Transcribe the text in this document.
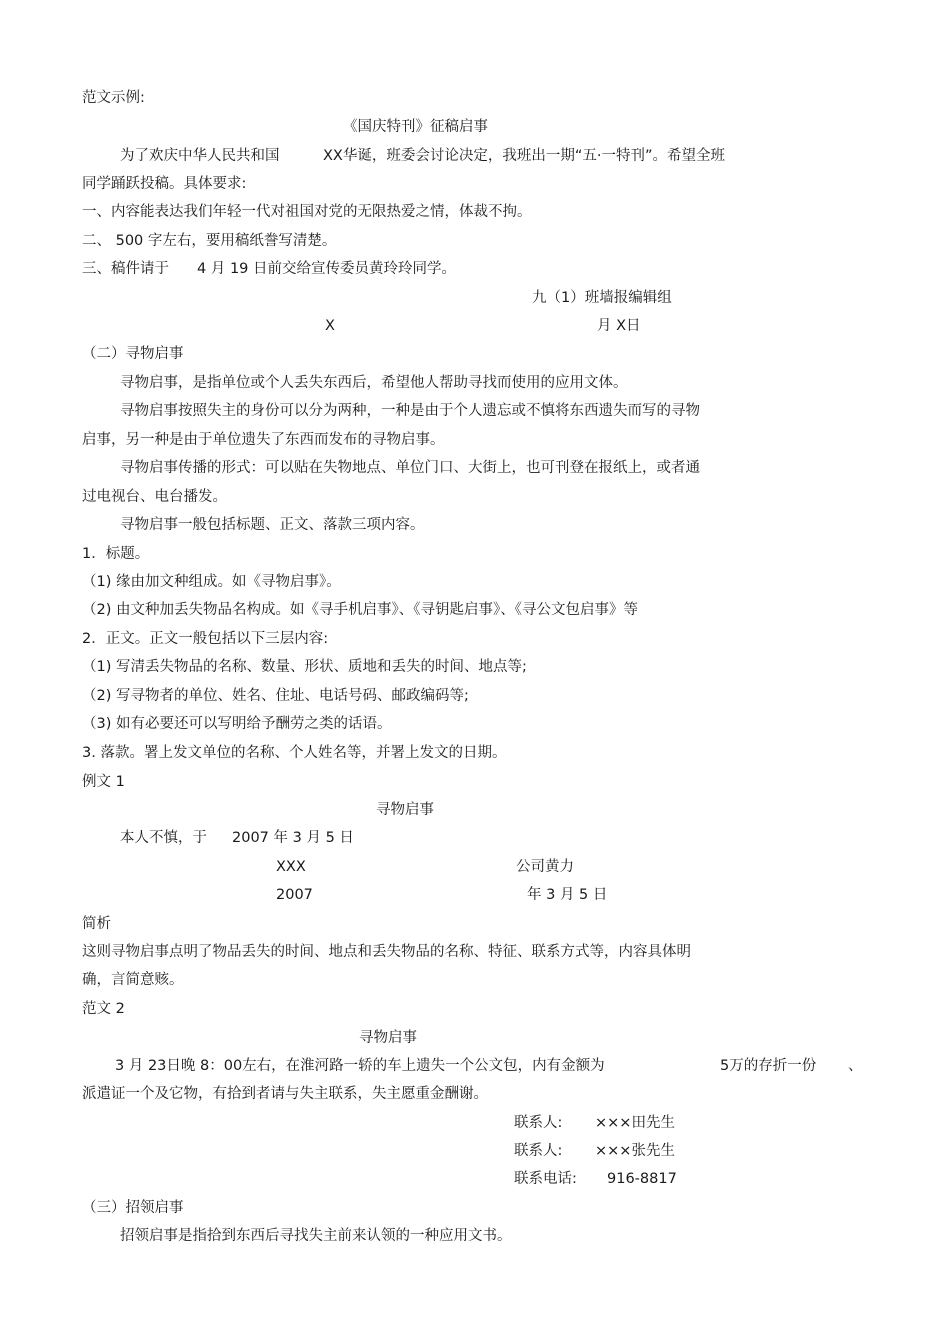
范文示例:
《国庆特刊》征稿启事
为了欢庆中华人民共和国	XX华诞，班委会讨论决定，我班出一期“五·一特刊”。希望全班
同学踊跃投稿。具体要求:
一、内容能表达我们年轻一代对祖国对党的无限热爱之情，体裁不拘。
二、 500 字左右，要用稿纸誊写清楚。
三、稿件请于 4 月 19 日前交给宣传委员黄玲玲同学。
九（1）班墙报编辑组
X	月 X日
（二）寻物启事
寻物启事，是指单位或个人丢失东西后，希望他人帮助寻找而使用的应用文体。
寻物启事按照失主的身份可以分为两种，一种是由于个人遗忘或不慎将东西遗失而写的寻物
启事，另一种是由于单位遗失了东西而发布的寻物启事。
寻物启事传播的形式：可以贴在失物地点、单位门口、大街上，也可刊登在报纸上，或者通
过电视台、电台播发。
寻物启事一般包括标题、正文、落款三项内容。
1．标题。
（1) 缘由加文种组成。如《寻物启事》。
（2) 由文种加丢失物品名构成。如《寻手机启事》、《寻钥匙启事》、《寻公文包启事》等
2．正文。正文一般包括以下三层内容:
（1) 写清丢失物品的名称、数量、形状、质地和丢失的时间、地点等;
（2) 写寻物者的单位、姓名、住址、电话号码、邮政编码等;
（3) 如有必要还可以写明给予酬劳之类的话语。
3. 落款。署上发文单位的名称、个人姓名等，并署上发文的日期。
例文 1
寻物启事
本人不慎，于 2007 年 3 月 5 日
XXX	公司黄力
2007	年 3 月 5 日
简析
这则寻物启事点明了物品丢失的时间、地点和丢失物品的名称、特征、联系方式等，内容具体明
确，言简意赅。
范文 2
寻物启事
3 月 23日晚 8：00左右，在淮河路一轿的车上遗失一个公文包，内有金额为	5万的存折一份 、
派遣证一个及它物，有拾到者请与失主联系，失主愿重金酬谢。
联系人: ×××田先生
联系人: ×××张先生
联系电话: 916-8817
（三）招领启事
招领启事是指拾到东西后寻找失主前来认领的一种应用文书。
